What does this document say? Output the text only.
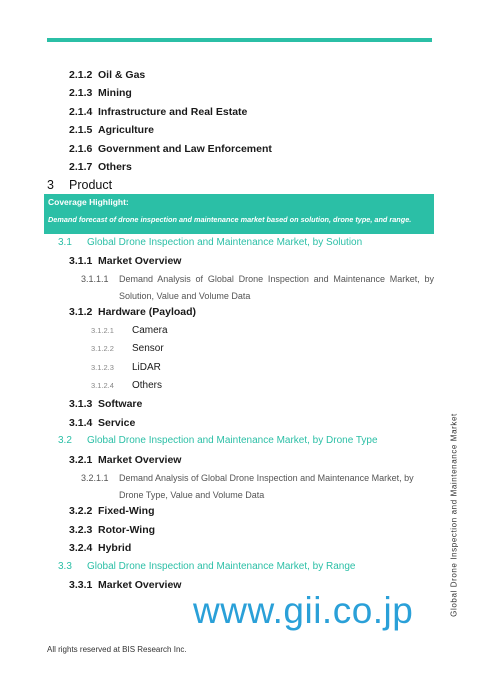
2.1.2 Oil & Gas
2.1.3 Mining
2.1.4 Infrastructure and Real Estate
2.1.5 Agriculture
2.1.6 Government and Law Enforcement
2.1.7 Others
3 Product
Coverage Highlight:
Demand forecast of drone inspection and maintenance market based on solution, drone type, and range.
3.1 Global Drone Inspection and Maintenance Market, by Solution
3.1.1 Market Overview
3.1.1.1 Demand Analysis of Global Drone Inspection and Maintenance Market, by Solution, Value and Volume Data
3.1.2 Hardware (Payload)
3.1.2.1 Camera
3.1.2.2 Sensor
3.1.2.3 LiDAR
3.1.2.4 Others
3.1.3 Software
3.1.4 Service
3.2 Global Drone Inspection and Maintenance Market, by Drone Type
3.2.1 Market Overview
3.2.1.1 Demand Analysis of Global Drone Inspection and Maintenance Market, by Drone Type, Value and Volume Data
3.2.2 Fixed-Wing
3.2.3 Rotor-Wing
3.2.4 Hybrid
3.3 Global Drone Inspection and Maintenance Market, by Range
3.3.1 Market Overview	Global Drone Inspection and Maintenance Market
www.gii.co.jp
All rights reserved at BIS Research Inc.
